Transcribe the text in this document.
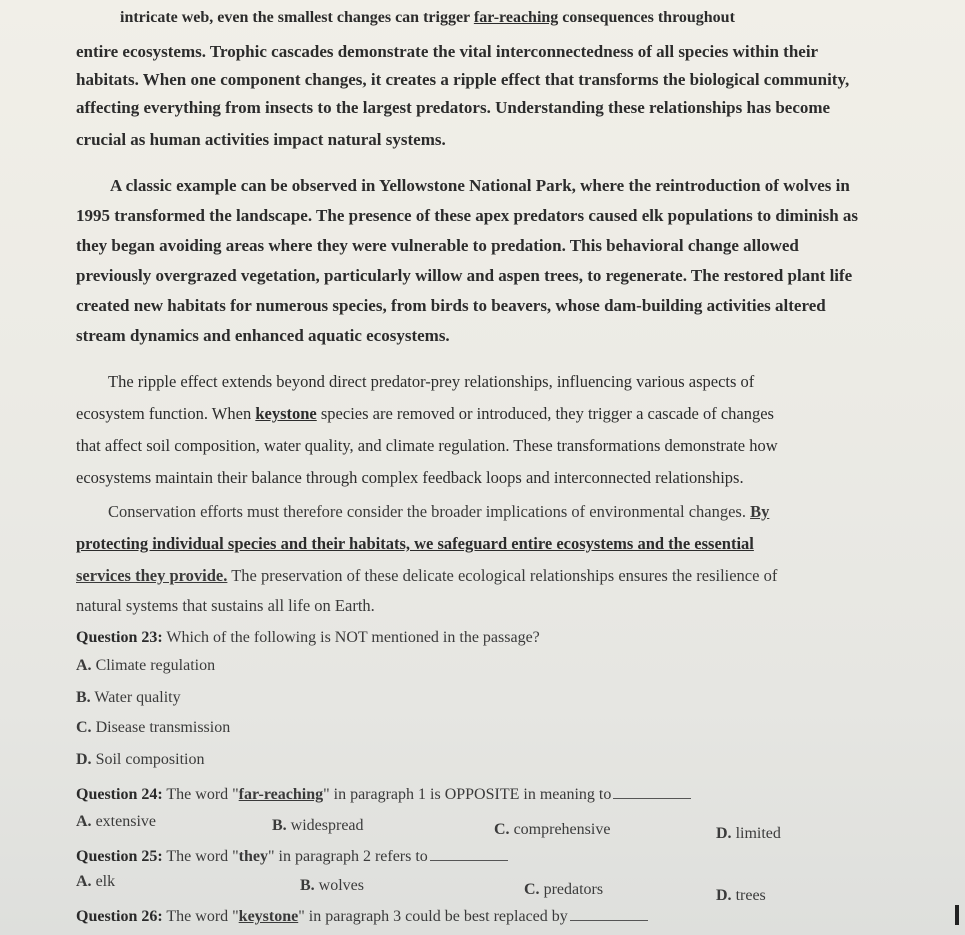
intricate web, even the smallest changes can trigger far-reaching consequences throughout
entire ecosystems. Trophic cascades demonstrate the vital interconnectedness of all species within their
habitats. When one component changes, it creates a ripple effect that transforms the biological community,
affecting everything from insects to the largest predators. Understanding these relationships has become
crucial as human activities impact natural systems.
A classic example can be observed in Yellowstone National Park, where the reintroduction of wolves in
1995 transformed the landscape. The presence of these apex predators caused elk populations to diminish as
they began avoiding areas where they were vulnerable to predation. This behavioral change allowed
previously overgrazed vegetation, particularly willow and aspen trees, to regenerate. The restored plant life
created new habitats for numerous species, from birds to beavers, whose dam-building activities altered
stream dynamics and enhanced aquatic ecosystems.
The ripple effect extends beyond direct predator-prey relationships, influencing various aspects of
ecosystem function. When keystone species are removed or introduced, they trigger a cascade of changes
that affect soil composition, water quality, and climate regulation. These transformations demonstrate how
ecosystems maintain their balance through complex feedback loops and interconnected relationships.
Conservation efforts must therefore consider the broader implications of environmental changes. By
protecting individual species and their habitats, we safeguard entire ecosystems and the essential
services they provide. The preservation of these delicate ecological relationships ensures the resilience of
natural systems that sustains all life on Earth.
Question 23: Which of the following is NOT mentioned in the passage?
A. Climate regulation
B. Water quality
C. Disease transmission
D. Soil composition
Question 24: The word "far-reaching" in paragraph 1 is OPPOSITE in meaning to
A. extensive	B. widespread	C. comprehensive	D. limited
Question 25: The word "they" in paragraph 2 refers to
A. elk	B. wolves	C. predators	D. trees
Question 26: The word "keystone" in paragraph 3 could be best replaced by
